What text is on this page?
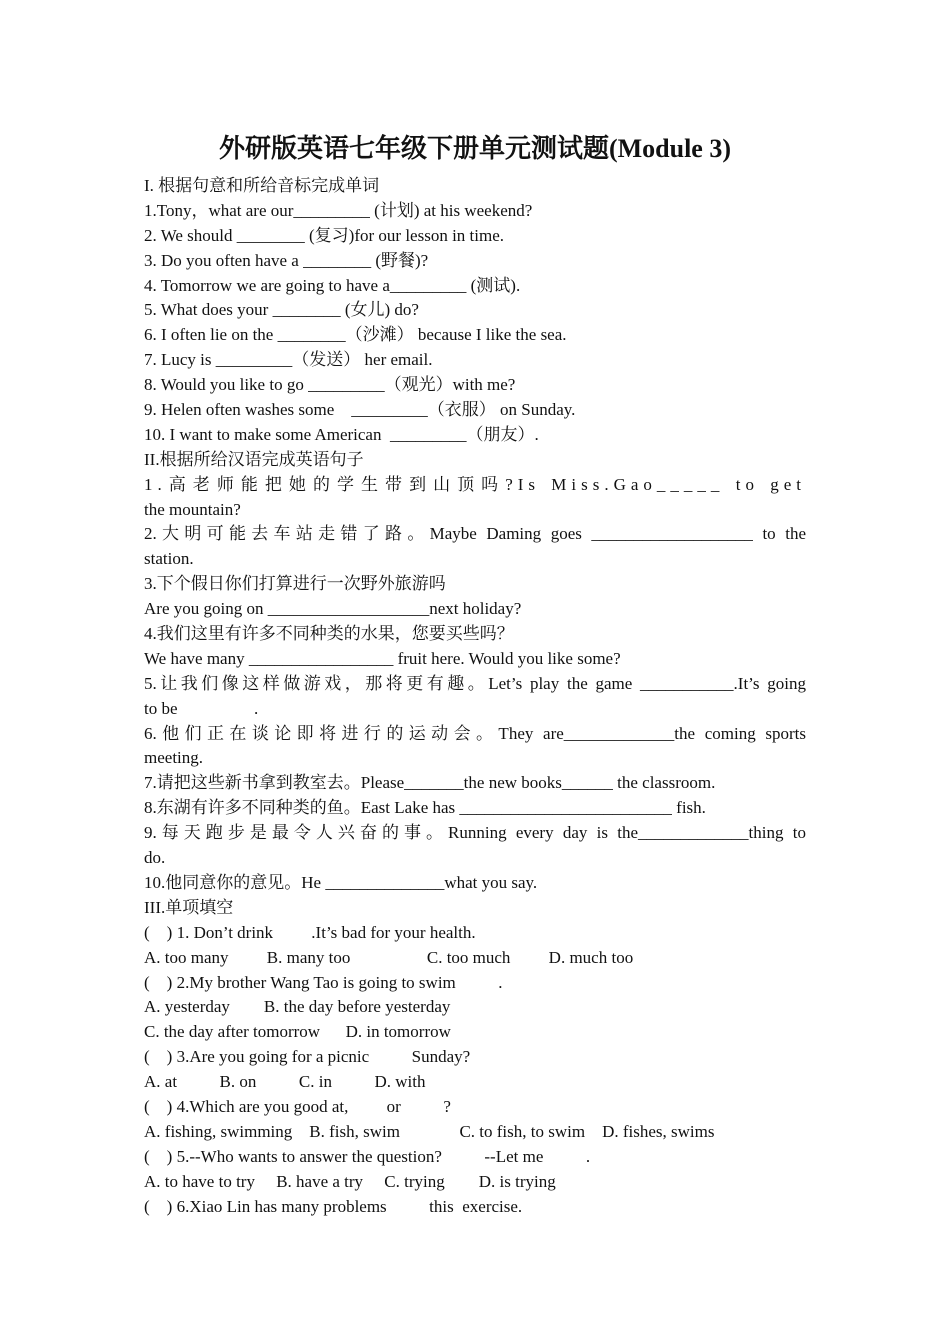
外研版英语七年级下册单元测试题(Module 3)
I. 根据句意和所给音标完成单词
1.Tony，what are our_________ (计划) at his weekend?
2. We should ________ (复习)for our lesson in time.
3. Do you often have a ________ (野餐)?
4. Tomorrow we are going to have a_________ (测试).
5. What does your ________ (女儿) do?
6. I often lie on the ________（沙滩） because I like the sea.
7. Lucy is _________（发送） her email.
8. Would you like to go _________（观光）with me?
9. Helen often washes some    _________（衣服） on Sunday.
10. I want to make some American  _________（朋友）.
II.根据所给汉语完成英语句子
1.高老师能把她的学生带到山顶吗?Is Miss.Gao_____ to get
the mountain?
2.大明可能去车站走错了路。Maybe Daming goes ___________________ to the
station.
3.下个假日你们打算进行一次野外旅游吗
Are you going on ___________________next holiday?
4.我们这里有许多不同种类的水果，您要买些吗？
We have many _________________ fruit here. Would you like some?
5.让我们像这样做游戏，那将更有趣。Let’s play the game ___________.It’s going
to be                  .
6.他们正在谈论即将进行的运动会。They are_____________the coming sports
meeting.
7.请把这些新书拿到教室去。Please_______the new books______ the classroom.
8.东湖有许多不同种类的鱼。East Lake has _________________________ fish.
9.每天跑步是最令人兴奋的事。Running every day is the_____________thing to
do.
10.他同意你的意见。He ______________what you say.
III.单项填空
(    ) 1. Don’t drink         .It’s bad for your health.
A. too many         B. many too                  C. too much         D. much too
(    ) 2.My brother Wang Tao is going to swim          .
A. yesterday        B. the day before yesterday
C. the day after tomorrow      D. in tomorrow
(    ) 3.Are you going for a picnic          Sunday?
A. at          B. on          C. in          D. with
(    ) 4.Which are you good at,         or          ?
A. fishing, swimming    B. fish, swim              C. to fish, to swim    D. fishes, swims
(    ) 5.--Who wants to answer the question?          --Let me          .
A. to have to try     B. have a try     C. trying        D. is trying
(    ) 6.Xiao Lin has many problems          this  exercise.
